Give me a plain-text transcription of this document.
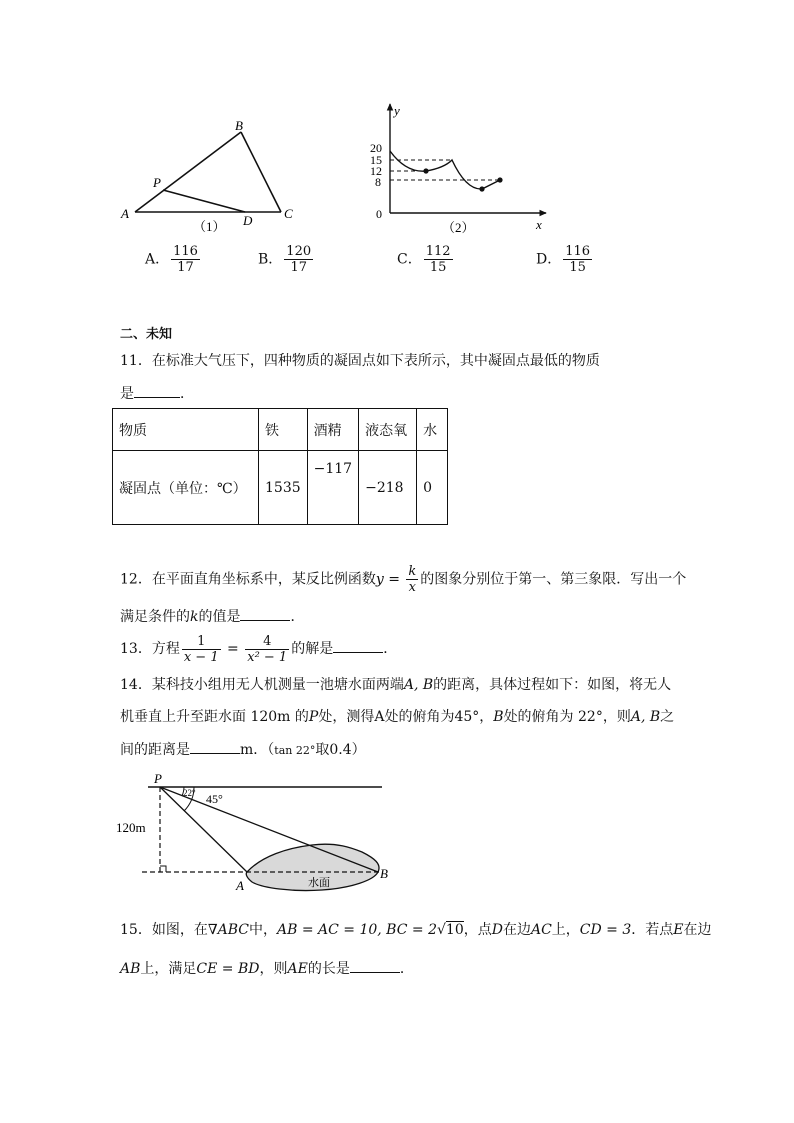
B
P
A	D C
（1）
y
x
0
20
15
12
8
（2）
A． $\frac{116}{17}$	B． $\frac{120}{17}$	C． $\frac{112}{15}$	D． $\frac{116}{15}$
二、未知
11．在标准大气压下，四种物质的凝固点如下表所示，其中凝固点最低的物质
是	．
物质	铁	酒精	液态氧	水
凝固点（单位：℃）	1535	−117	−218	0
12．在平面直角坐标系中，某反比例函数$y = \frac{k}{x}$ 的图象分别位于第一、第三象限．写出一个
满足条件的k的值是	．
13．方程 $\frac{1}{x - 1} = \frac{4}{\text{x² − 1}}$ 的解是	．
14．某科技小组用无人机测量一池塘水面两端A, B的距离，具体过程如下：如图，将无人
机垂直上升至距水面 120m 的P处，测得A处的俯角为45°，B处的俯角为 22°，则A, B之
间的距离是	m．（tan 22°取0.4）
P
22° 45°
120m
A
B
水面
15．如图，在∇ABC中，AB = AC = 10, BC = 2√10，点D在边AC上，CD = 3．若点E在边
AB上，满足CE = BD，则AE的长是	．
